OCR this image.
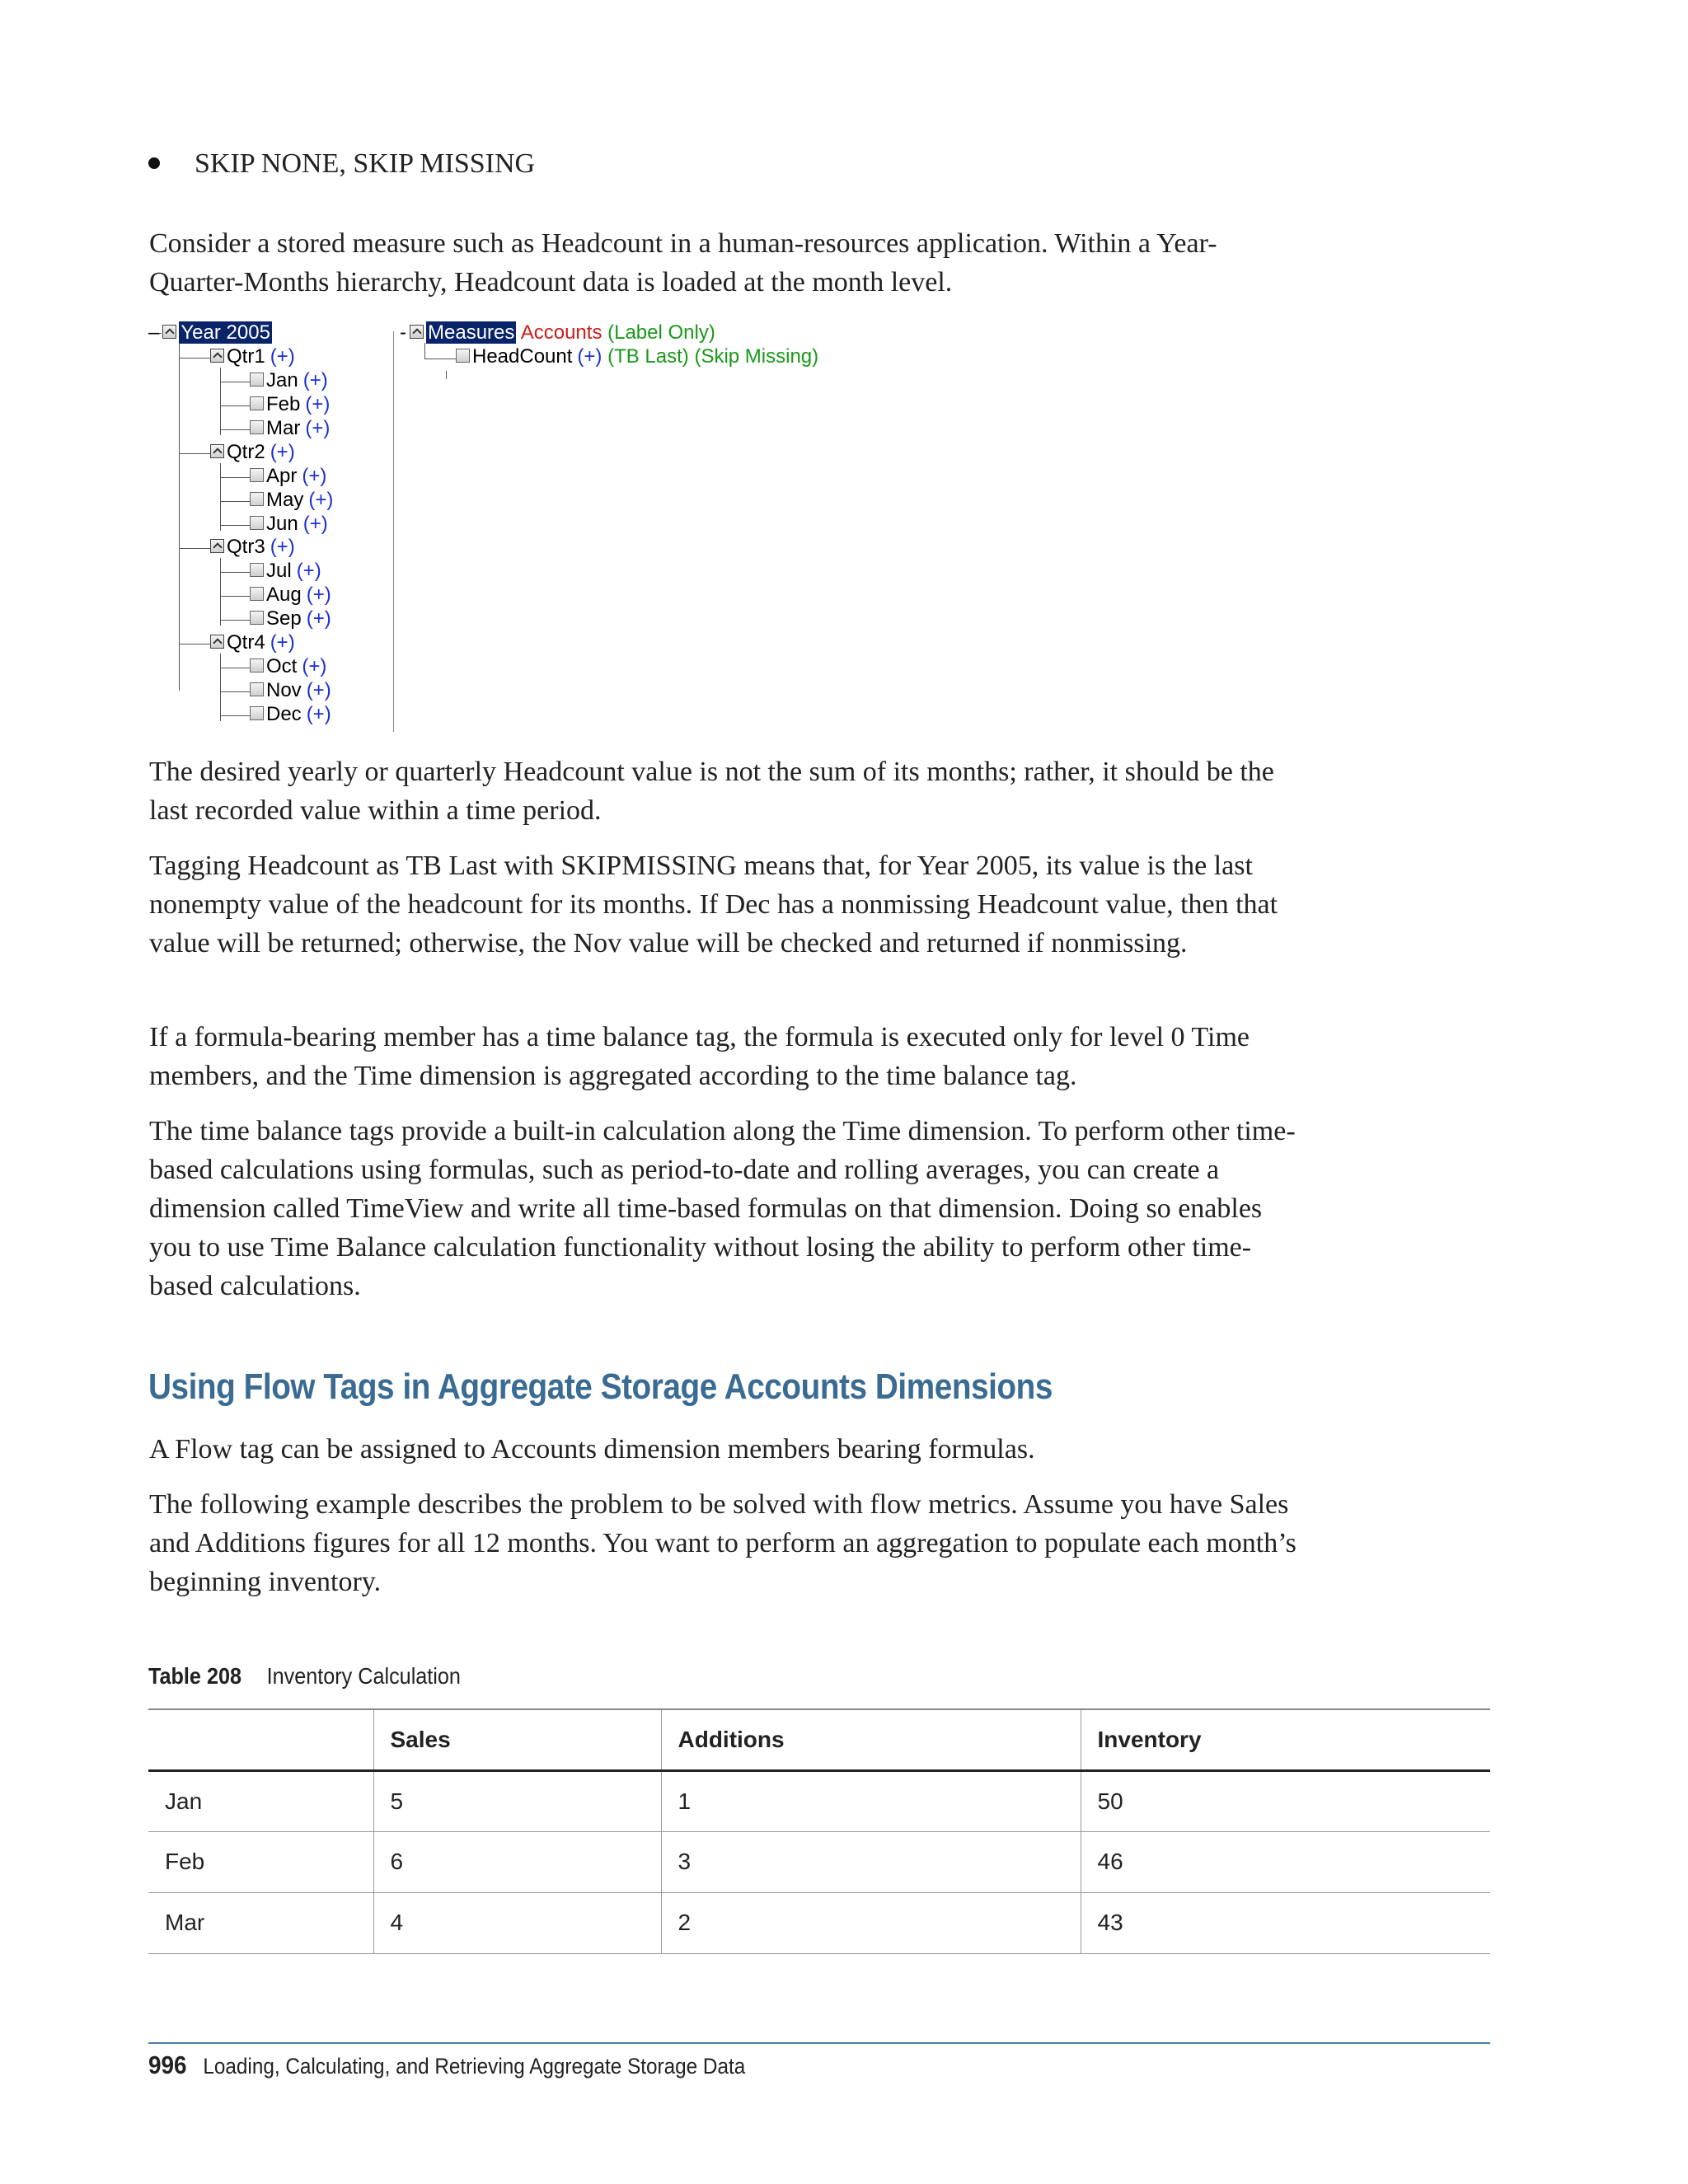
SKIP NONE, SKIP MISSING

Consider a stored measure such as Headcount in a human-resources application. Within a Year-Quarter-Months hierarchy, Headcount data is loaded at the month level.

– Year 2005
Qtr1 (+)
Jan (+)
Feb (+)
Mar (+)
Qtr2 (+)
Apr (+)
May (+)
Jun (+)
Qtr3 (+)
Jul (+)
Aug (+)
Sep (+)
Qtr4 (+)
Oct (+)
Nov (+)
Dec (+)
- Measures Accounts (Label Only)
HeadCount (+) (TB Last) (Skip Missing)

The desired yearly or quarterly Headcount value is not the sum of its months; rather, it should be the last recorded value within a time period.

Tagging Headcount as TB Last with SKIPMISSING means that, for Year 2005, its value is the last nonempty value of the headcount for its months. If Dec has a nonmissing Headcount value, then that value will be returned; otherwise, the Nov value will be checked and returned if nonmissing.

If a formula-bearing member has a time balance tag, the formula is executed only for level 0 Time members, and the Time dimension is aggregated according to the time balance tag.

The time balance tags provide a built-in calculation along the Time dimension. To perform other time-based calculations using formulas, such as period-to-date and rolling averages, you can create a dimension called TimeView and write all time-based formulas on that dimension. Doing so enables you to use Time Balance calculation functionality without losing the ability to perform other time-based calculations.

Using Flow Tags in Aggregate Storage Accounts Dimensions

A Flow tag can be assigned to Accounts dimension members bearing formulas.

The following example describes the problem to be solved with flow metrics. Assume you have Sales and Additions figures for all 12 months. You want to perform an aggregation to populate each month’s beginning inventory.

Table 208 Inventory Calculation
	Sales	Additions	Inventory
Jan	5	1	50
Feb	6	3	46
Mar	4	2	43
996 Loading, Calculating, and Retrieving Aggregate Storage Data
